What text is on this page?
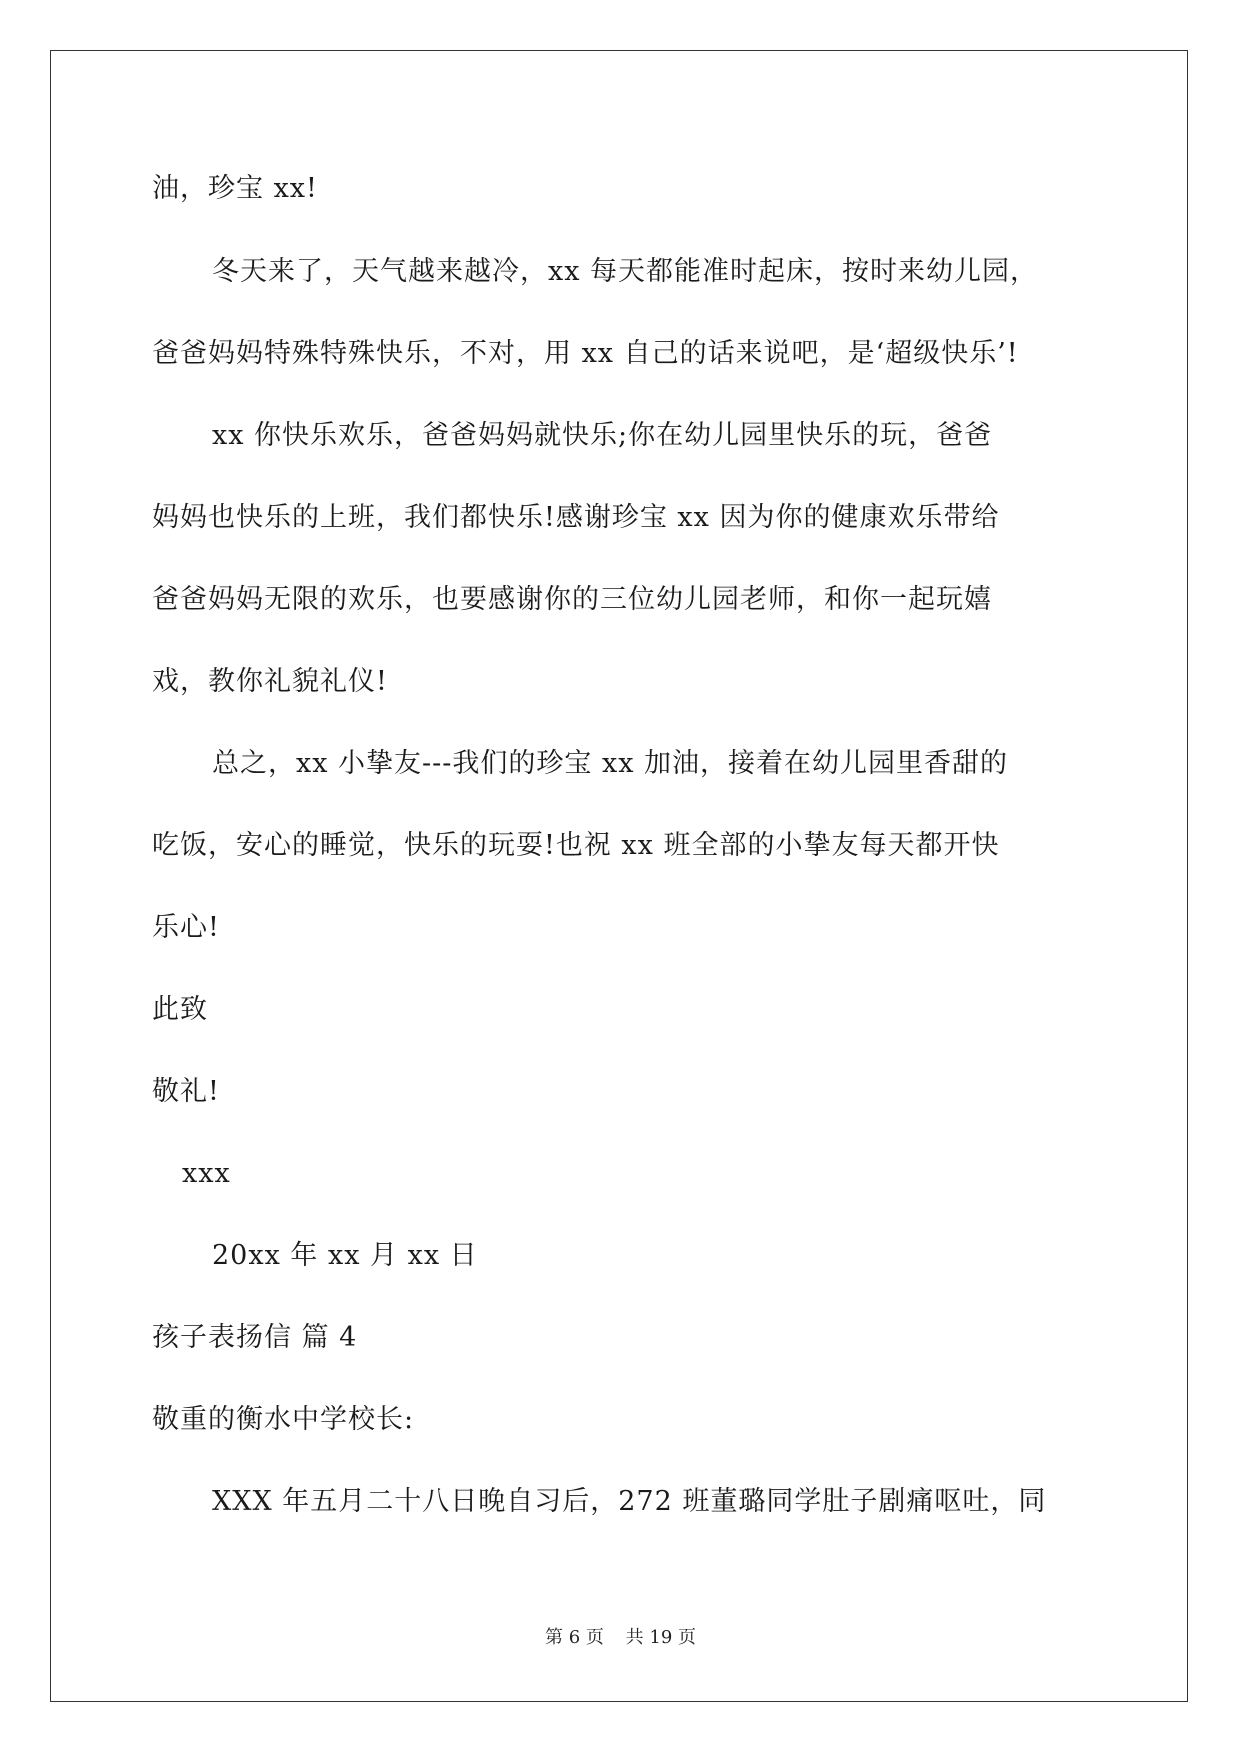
油，珍宝 xx!
冬天来了，天气越来越冷，xx 每天都能准时起床，按时来幼儿园，
爸爸妈妈特殊特殊快乐，不对，用 xx 自己的话来说吧，是‘超级快乐’!
xx 你快乐欢乐，爸爸妈妈就快乐;你在幼儿园里快乐的玩，爸爸
妈妈也快乐的上班，我们都快乐!感谢珍宝 xx 因为你的健康欢乐带给
爸爸妈妈无限的欢乐，也要感谢你的三位幼儿园老师，和你一起玩嬉
戏，教你礼貌礼仪!
总之，xx 小挚友---我们的珍宝 xx 加油，接着在幼儿园里香甜的
吃饭，安心的睡觉，快乐的玩耍!也祝 xx 班全部的小挚友每天都开快
乐心!
此致
敬礼!
xxx
20xx 年 xx 月 xx 日
孩子表扬信 篇 4
敬重的衡水中学校长:
XXX 年五月二十八日晚自习后，272 班董璐同学肚子剧痛呕吐，同
第 6 页 共 19 页
